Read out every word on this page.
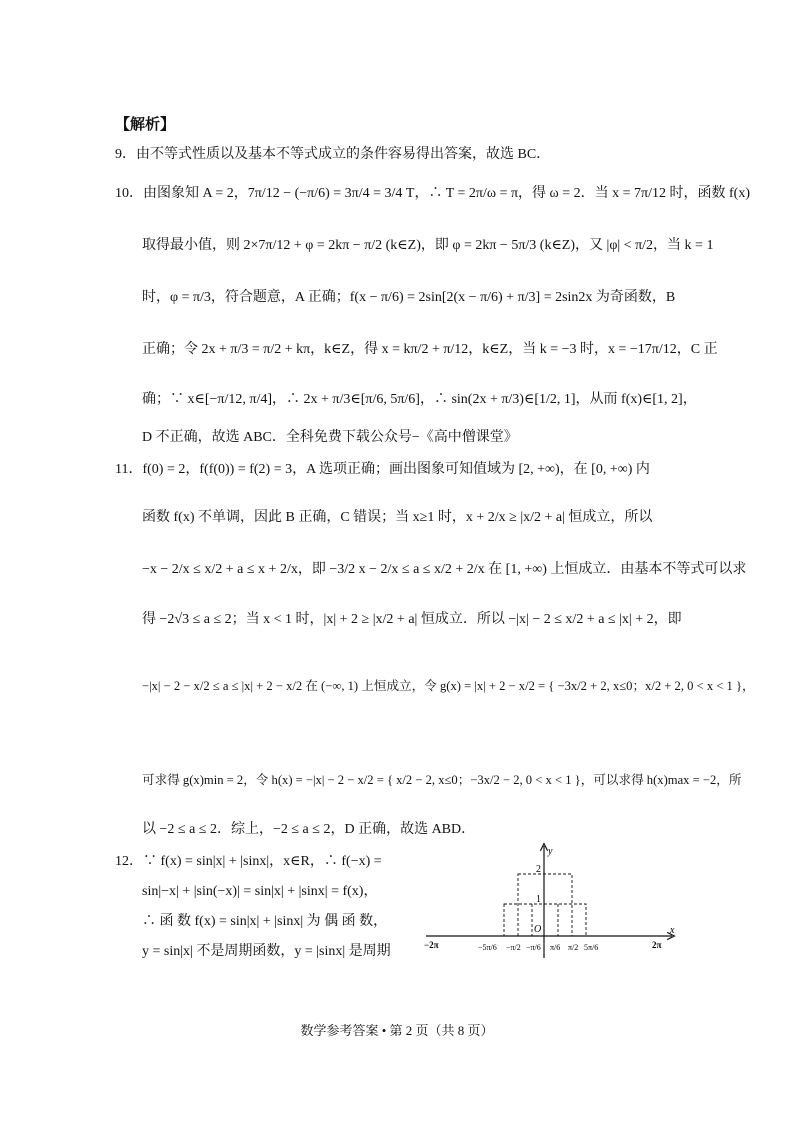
【解析】
9．由不等式性质以及基本不等式成立的条件容易得出答案，故选 BC．
10．由图象知 A = 2，7π/12 − (−π/6) = 3π/4 = 3/4 T，∴ T = 2π/ω = π，得 ω = 2．当 x = 7π/12 时，函数 f(x)
取得最小值，则 2×7π/12 + φ = 2kπ − π/2 (k∈Z)，即 φ = 2kπ − 5π/3 (k∈Z)，又 |φ| < π/2，当 k = 1
时，φ = π/3，符合题意，A 正确；f(x − π/6) = 2sin[2(x − π/6) + π/3] = 2sin2x 为奇函数，B
正确；令 2x + π/3 = π/2 + kπ，k∈Z，得 x = kπ/2 + π/12，k∈Z，当 k = −3 时，x = −17π/12，C 正
确；∵ x∈[−π/12, π/4]，∴ 2x + π/3∈[π/6, 5π/6]，∴ sin(2x + π/3)∈[1/2, 1]，从而 f(x)∈[1, 2]，
D 不正确，故选 ABC．全科免费下载公众号−《高中僧课堂》
11．f(0) = 2，f(f(0)) = f(2) = 3，A 选项正确；画出图象可知值域为 [2, +∞)，在 [0, +∞) 内
函数 f(x) 不单调，因此 B 正确，C 错误；当 x≥1 时，x + 2/x ≥ |x/2 + a| 恒成立，所以
−x − 2/x ≤ x/2 + a ≤ x + 2/x，即 −3/2 x − 2/x ≤ a ≤ x/2 + 2/x 在 [1, +∞) 上恒成立．由基本不等式可以求
得 −2√3 ≤ a ≤ 2；当 x < 1 时，|x| + 2 ≥ |x/2 + a| 恒成立．所以 −|x| − 2 ≤ x/2 + a ≤ |x| + 2，即
−|x| − 2 − x/2 ≤ a ≤ |x| + 2 − x/2 在 (−∞, 1) 上恒成立，令 g(x) = |x| + 2 − x/2 = { −3x/2 + 2, x≤0；x/2 + 2, 0 < x < 1 }，
可求得 g(x)min = 2，令 h(x) = −|x| − 2 − x/2 = { x/2 − 2, x≤0；−3x/2 − 2, 0 < x < 1 }，可以求得 h(x)max = −2，所
以 −2 ≤ a ≤ 2．综上，−2 ≤ a ≤ 2，D 正确，故选 ABD．
12．∵ f(x) = sin|x| + |sinx|，x∈R，∴ f(−x) =
sin|−x| + |sin(−x)| = sin|x| + |sinx| = f(x)，
∴ 函 数 f(x) = sin|x| + |sinx| 为 偶 函 数，
y = sin|x| 不是周期函数，y = |sinx| 是周期
y
x
O
2
1
−2π	−5π/6 −π/2 −π/6 π/6 π/2 5π/6	2π
数学参考答案 • 第 2 页（共 8 页）
